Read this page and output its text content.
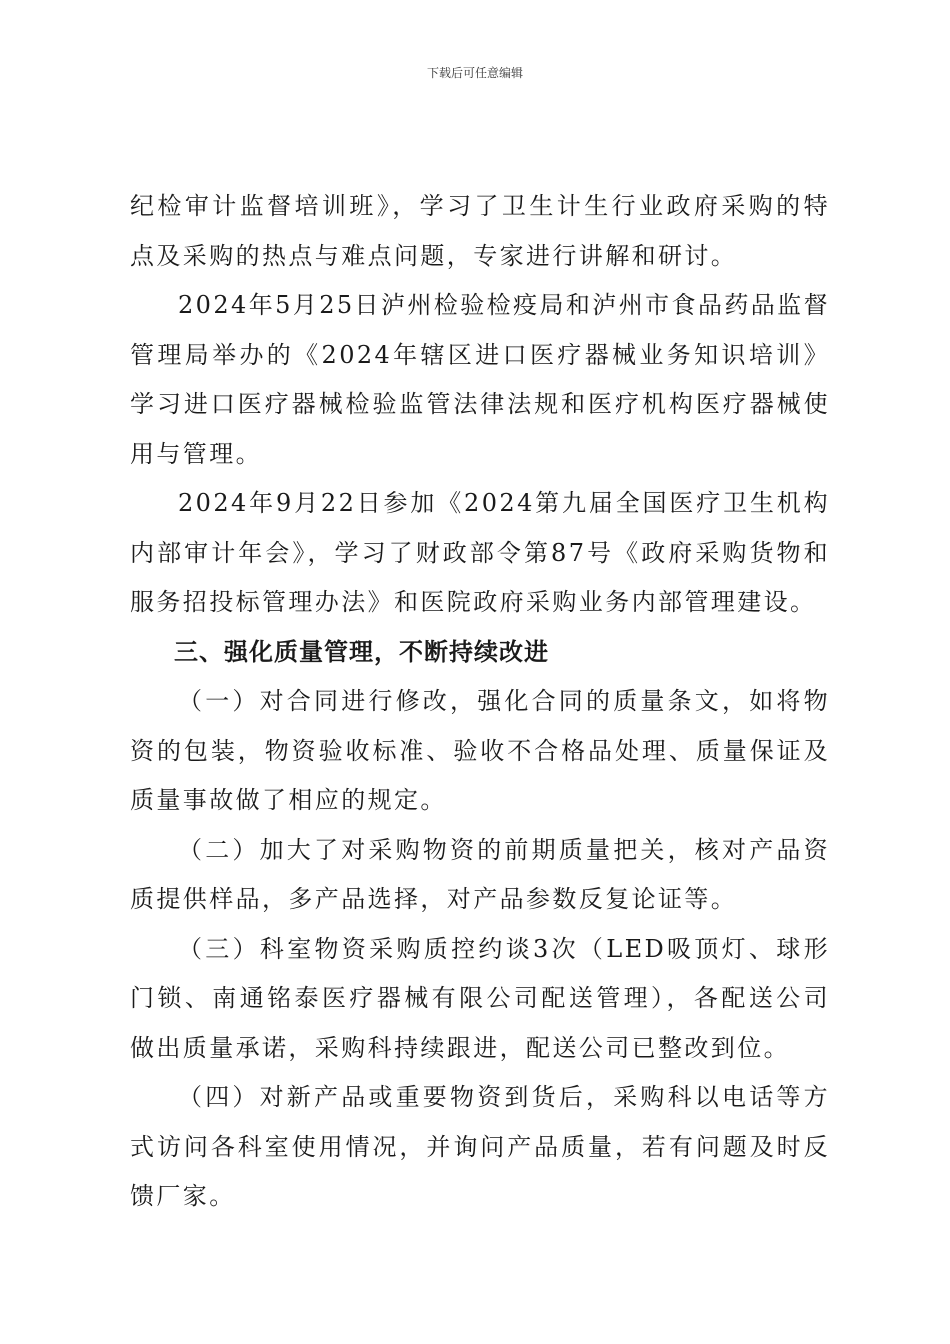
下载后可任意编辑

纪检审计监督培训班》，学习了卫生计生行业政府采购的特点及采购的热点与难点问题，专家进行讲解和研讨。

2024年5月25日泸州检验检疫局和泸州市食品药品监督管理局举办的《2024年辖区进口医疗器械业务知识培训》学习进口医疗器械检验监管法律法规和医疗机构医疗器械使用与管理。

2024年9月22日参加《2024第九届全国医疗卫生机构内部审计年会》，学习了财政部令第87号《政府采购货物和服务招投标管理办法》和医院政府采购业务内部管理建设。

三、强化质量管理，不断持续改进

（一）对合同进行修改，强化合同的质量条文，如将物资的包装，物资验收标准、验收不合格品处理、质量保证及质量事故做了相应的规定。

（二）加大了对采购物资的前期质量把关，核对产品资质提供样品，多产品选择，对产品参数反复论证等。

（三）科室物资采购质控约谈3次（LED吸顶灯、球形门锁、南通铭泰医疗器械有限公司配送管理），各配送公司做出质量承诺，采购科持续跟进，配送公司已整改到位。

（四）对新产品或重要物资到货后，采购科以电话等方式访问各科室使用情况，并询问产品质量，若有问题及时反馈厂家。
